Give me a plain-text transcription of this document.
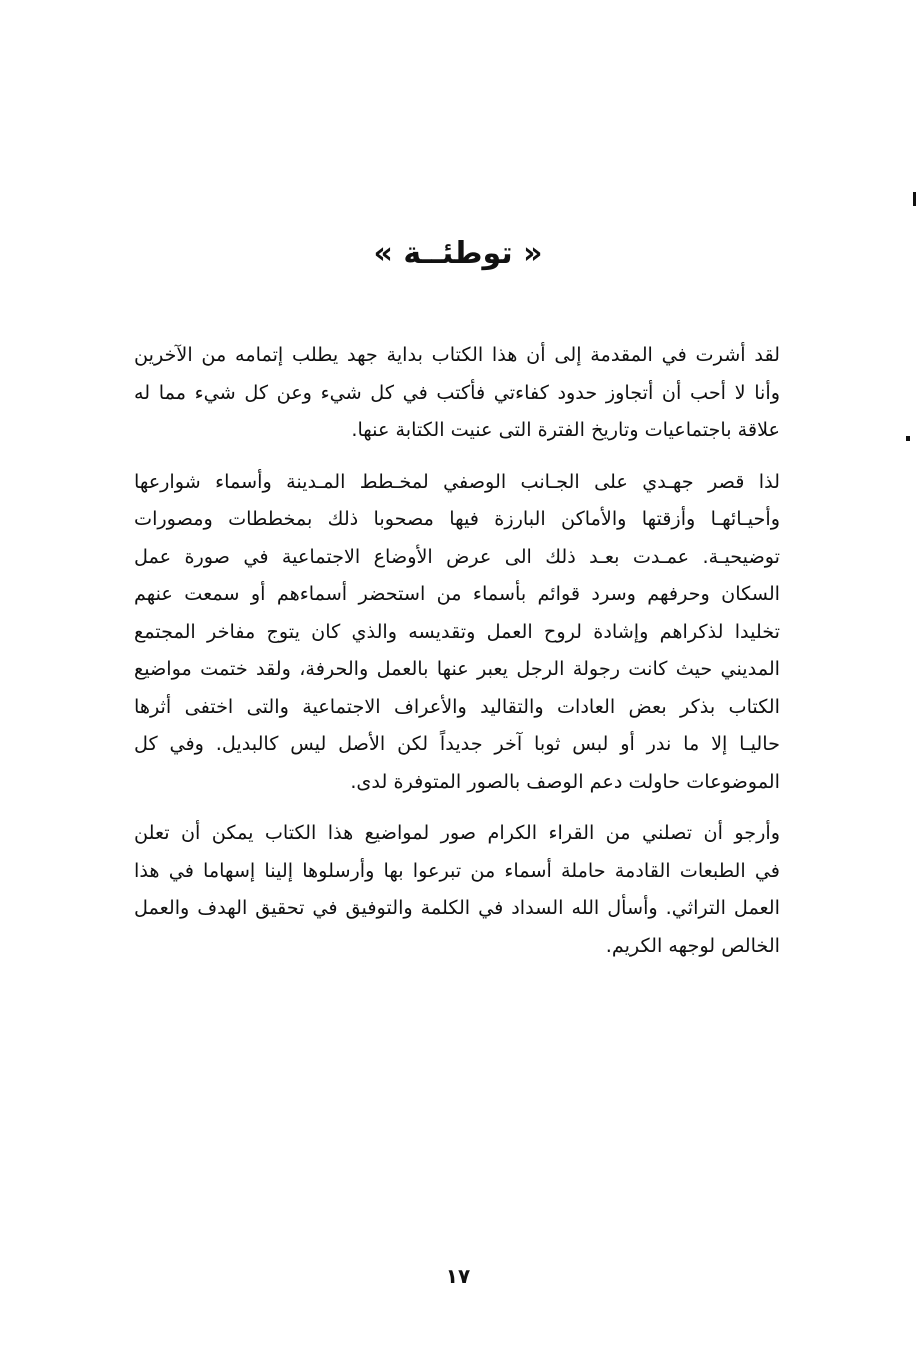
« توطئــة »

لقد أشرت في المقدمة إلى أن هذا الكتاب بداية جهد يطلب إتمامه من الآخرين
وأنا لا أحب أن أتجاوز حدود كفاءتي فأكتب في كل شيء وعن كل شيء مما له
علاقة باجتماعيات وتاريخ الفترة التى عنيت الكتابة عنها.

لذا قصر جهـدي على الجـانب الوصفي لمخـطط المـدينة وأسماء شوارعها
وأحيـائهـا وأزقتها والأماكن البارزة فيها مصحوبا ذلك بمخططات ومصورات
توضيحيـة. عمـدت بعـد ذلك الى عرض الأوضاع الاجتماعية في صورة عمل
السكان وحرفهم وسرد قوائم بأسماء من استحضر أسماءهم أو سمعت عنهم
تخليدا لذكراهم وإشادة لروح العمل وتقديسه والذي كان يتوج مفاخر المجتمع
المديني حيث كانت رجولة الرجل يعبر عنها بالعمل والحرفة، ولقد ختمت مواضيع
الكتاب بذكر بعض العادات والتقاليد والأعراف الاجتماعية والتى اختفى أثرها
حاليـا إلا ما ندر أو لبس ثوبا آخر جديداً لكن الأصل ليس كالبديل. وفي كل
الموضوعات حاولت دعم الوصف بالصور المتوفرة لدى.

وأرجو أن تصلني من القراء الكرام صور لمواضيع هذا الكتاب يمكن أن تعلن
في الطبعات القادمة حاملة أسماء من تبرعوا بها وأرسلوها إلينا إسهاما في هذا
العمل التراثي. وأسأل الله السداد في الكلمة والتوفيق في تحقيق الهدف والعمل
الخالص لوجهه الكريم.

١٧
